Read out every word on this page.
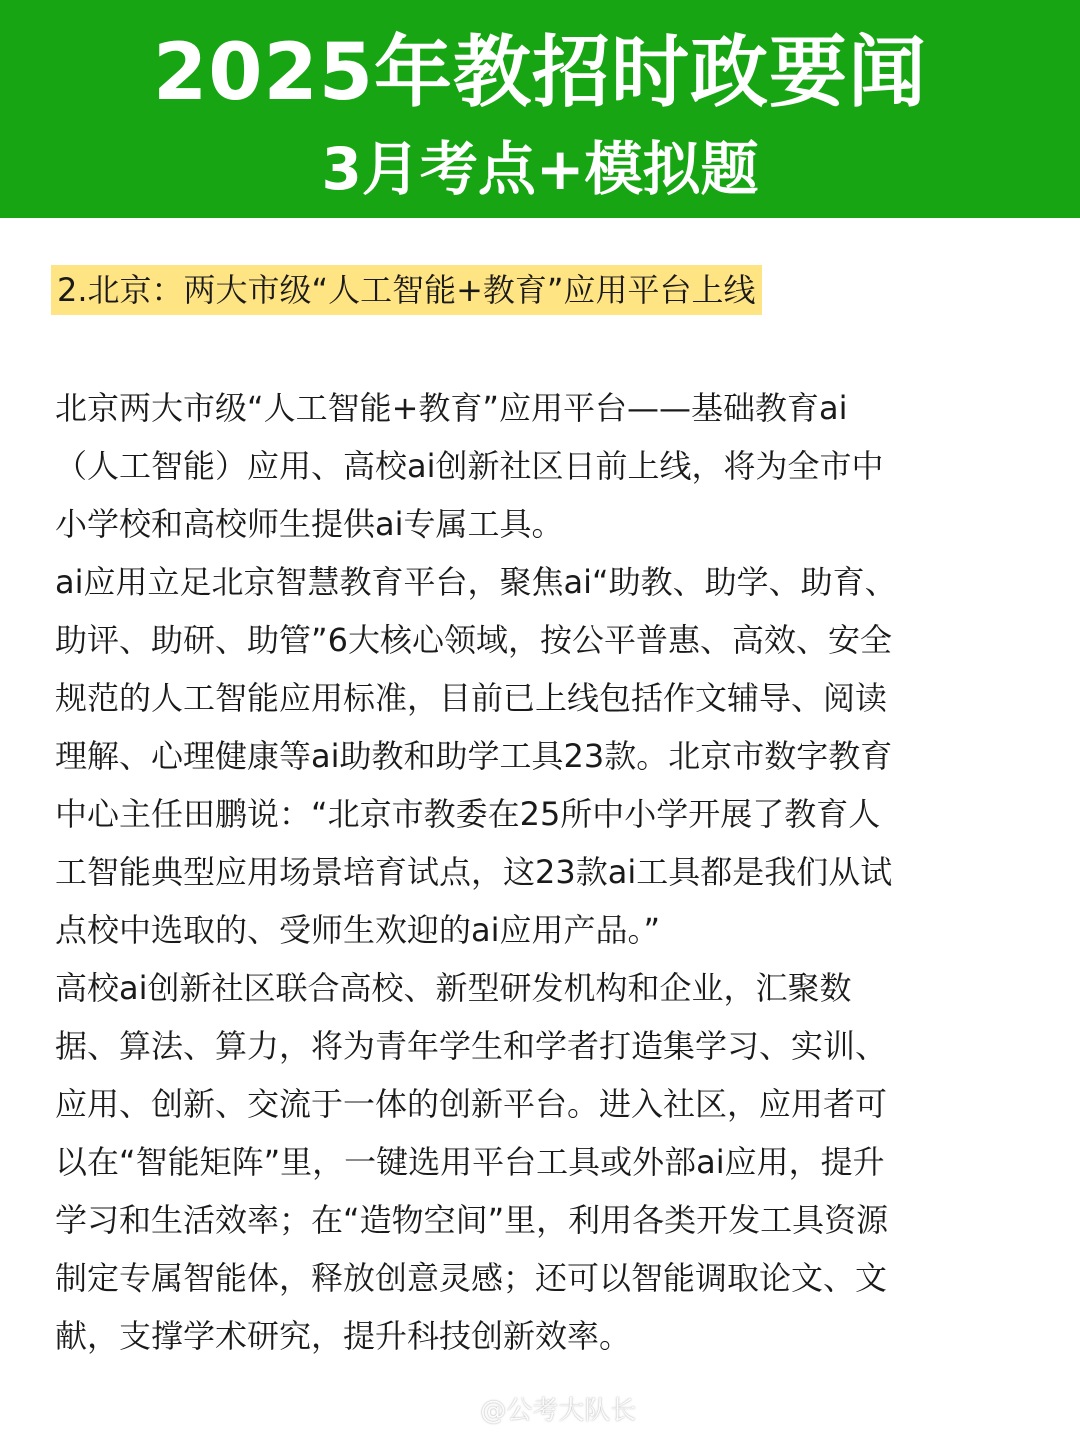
2025年教招时政要闻
3月考点+模拟题
2.北京：两大市级“人工智能+教育”应用平台上线
北京两大市级“人工智能+教育”应用平台——基础教育ai
（人工智能）应用、高校ai创新社区日前上线，将为全市中
小学校和高校师生提供ai专属工具。
ai应用立足北京智慧教育平台，聚焦ai“助教、助学、助育、
助评、助研、助管”6大核心领域，按公平普惠、高效、安全
规范的人工智能应用标准，目前已上线包括作文辅导、阅读
理解、心理健康等ai助教和助学工具23款。北京市数字教育
中心主任田鹏说：“北京市教委在25所中小学开展了教育人
工智能典型应用场景培育试点，这23款ai工具都是我们从试
点校中选取的、受师生欢迎的ai应用产品。”
高校ai创新社区联合高校、新型研发机构和企业，汇聚数
据、算法、算力，将为青年学生和学者打造集学习、实训、
应用、创新、交流于一体的创新平台。进入社区，应用者可
以在“智能矩阵”里，一键选用平台工具或外部ai应用，提升
学习和生活效率；在“造物空间”里，利用各类开发工具资源
制定专属智能体，释放创意灵感；还可以智能调取论文、文
献，支撑学术研究，提升科技创新效率。
@公考大队长
